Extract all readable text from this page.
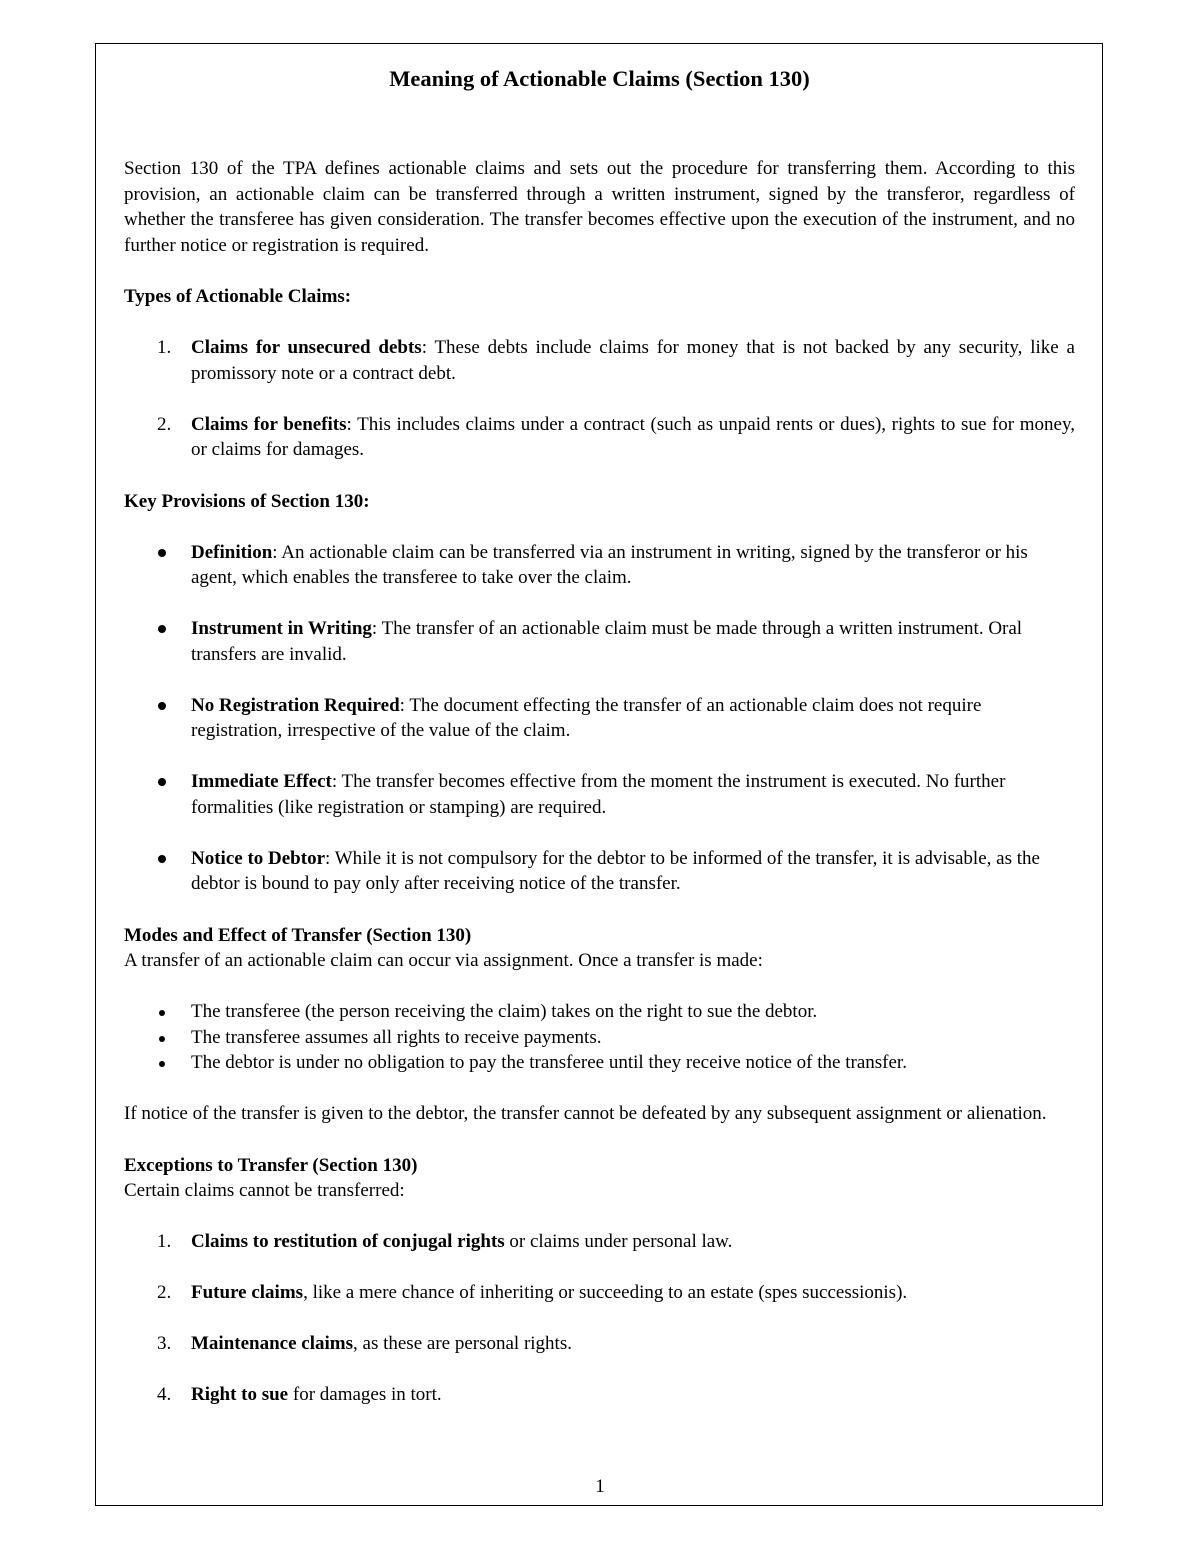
Meaning of Actionable Claims (Section 130)

Section 130 of the TPA defines actionable claims and sets out the procedure for transferring them. According to this provision, an actionable claim can be transferred through a written instrument, signed by the transferor, regardless of whether the transferee has given consideration. The transfer becomes effective upon the execution of the instrument, and no further notice or registration is required.

Types of Actionable Claims:

1. Claims for unsecured debts: These debts include claims for money that is not backed by any security, like a promissory note or a contract debt.
2. Claims for benefits: This includes claims under a contract (such as unpaid rents or dues), rights to sue for money, or claims for damages.

Key Provisions of Section 130:

Definition: An actionable claim can be transferred via an instrument in writing, signed by the transferor or his agent, which enables the transferee to take over the claim.
Instrument in Writing: The transfer of an actionable claim must be made through a written instrument. Oral transfers are invalid.
No Registration Required: The document effecting the transfer of an actionable claim does not require registration, irrespective of the value of the claim.
Immediate Effect: The transfer becomes effective from the moment the instrument is executed. No further formalities (like registration or stamping) are required.
Notice to Debtor: While it is not compulsory for the debtor to be informed of the transfer, it is advisable, as the debtor is bound to pay only after receiving notice of the transfer.

Modes and Effect of Transfer (Section 130)

A transfer of an actionable claim can occur via assignment. Once a transfer is made:

The transferee (the person receiving the claim) takes on the right to sue the debtor.
The transferee assumes all rights to receive payments.
The debtor is under no obligation to pay the transferee until they receive notice of the transfer.

If notice of the transfer is given to the debtor, the transfer cannot be defeated by any subsequent assignment or alienation.

Exceptions to Transfer (Section 130)

Certain claims cannot be transferred:

1. Claims to restitution of conjugal rights or claims under personal law.
2. Future claims, like a mere chance of inheriting or succeeding to an estate (spes successionis).
3. Maintenance claims, as these are personal rights.
4. Right to sue for damages in tort.
1
